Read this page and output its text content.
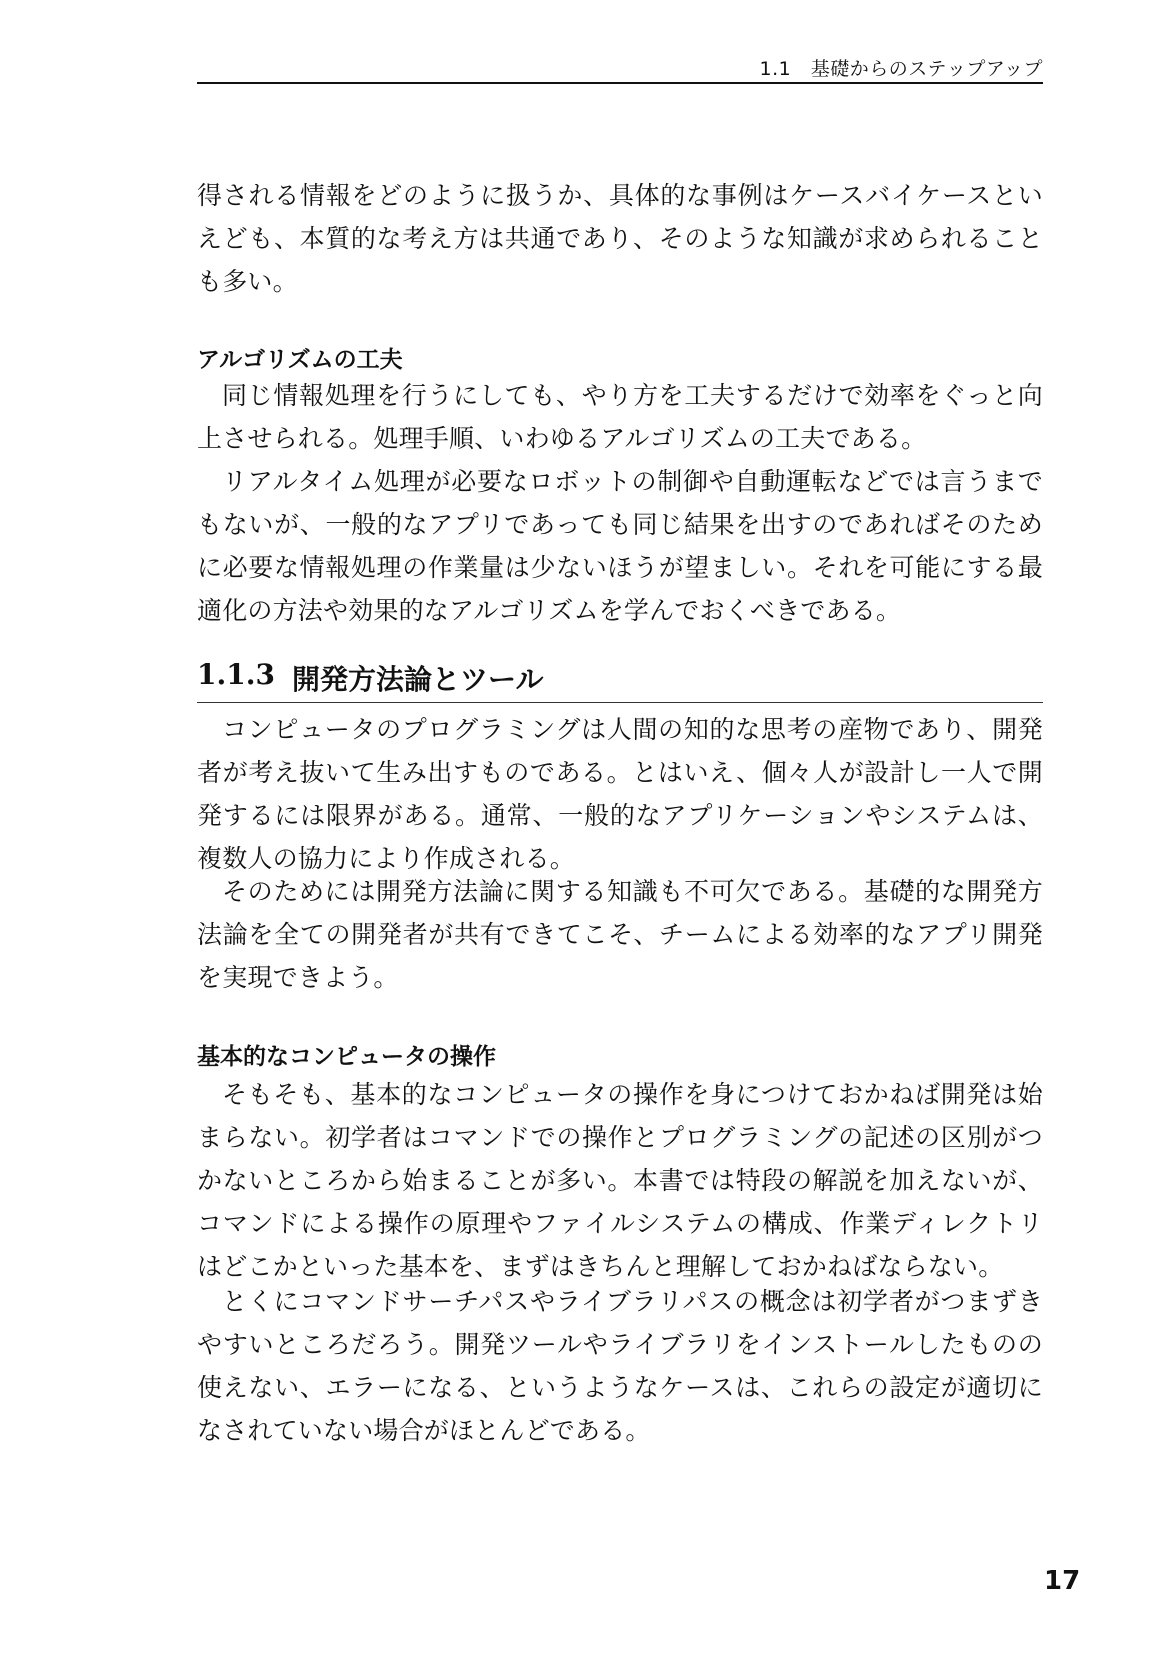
1.1　基礎からのステップアップ

得される情報をどのように扱うか、具体的な事例はケースバイケースといえども、本質的な考え方は共通であり、そのような知識が求められることも多い。

アルゴリズムの工夫

同じ情報処理を行うにしても、やり方を工夫するだけで効率をぐっと向上させられる。処理手順、いわゆるアルゴリズムの工夫である。

リアルタイム処理が必要なロボットの制御や自動運転などでは言うまでもないが、一般的なアプリであっても同じ結果を出すのであればそのために必要な情報処理の作業量は少ないほうが望ましい。それを可能にする最適化の方法や効果的なアルゴリズムを学んでおくべきである。

1.1.3 開発方法論とツール

コンピュータのプログラミングは人間の知的な思考の産物であり、開発者が考え抜いて生み出すものである。とはいえ、個々人が設計し一人で開発するには限界がある。通常、一般的なアプリケーションやシステムは、複数人の協力により作成される。

そのためには開発方法論に関する知識も不可欠である。基礎的な開発方法論を全ての開発者が共有できてこそ、チームによる効率的なアプリ開発を実現できよう。

基本的なコンピュータの操作

そもそも、基本的なコンピュータの操作を身につけておかねば開発は始まらない。初学者はコマンドでの操作とプログラミングの記述の区別がつかないところから始まることが多い。本書では特段の解説を加えないが、コマンドによる操作の原理やファイルシステムの構成、作業ディレクトリはどこかといった基本を、まずはきちんと理解しておかねばならない。

とくにコマンドサーチパスやライブラリパスの概念は初学者がつまずきやすいところだろう。開発ツールやライブラリをインストールしたものの使えない、エラーになる、というようなケースは、これらの設定が適切になされていない場合がほとんどである。

17
